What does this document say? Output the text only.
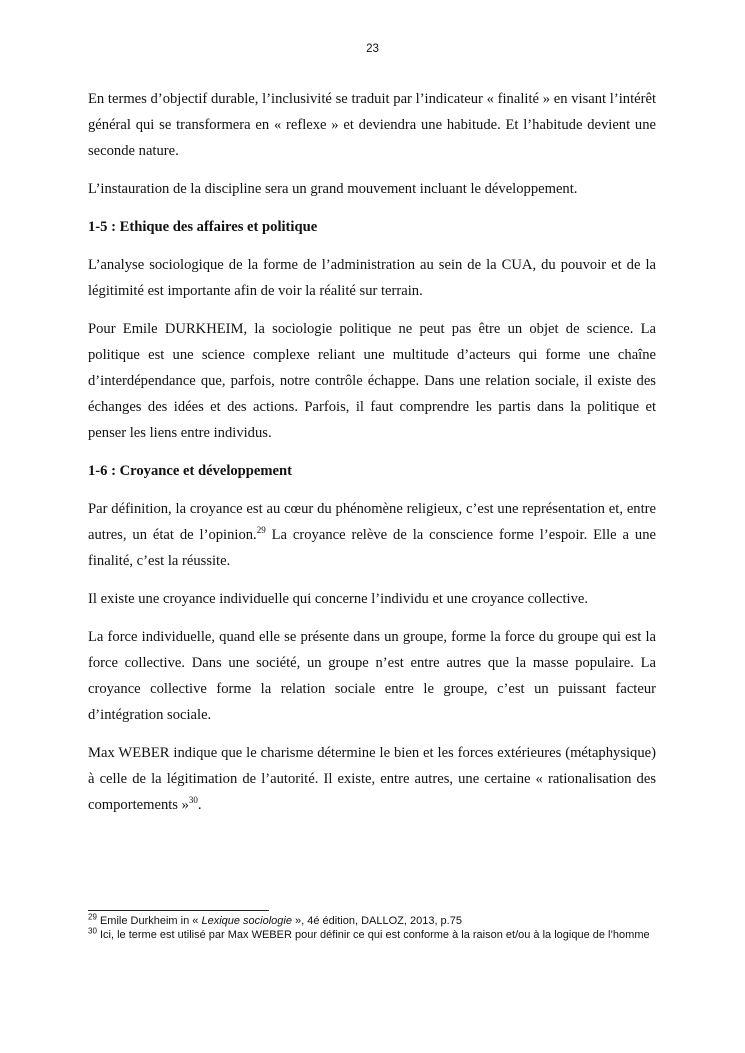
23

En termes d’objectif durable, l’inclusivité se traduit par l’indicateur « finalité » en visant l’intérêt général qui se transformera en « reflexe » et deviendra une habitude. Et l’habitude devient une seconde nature.

L’instauration de la discipline sera un grand mouvement incluant le développement.

1-5 : Ethique des affaires et politique

L’analyse sociologique de la forme de l’administration au sein de la CUA, du pouvoir et de la légitimité est importante afin de voir la réalité sur terrain.

Pour Emile DURKHEIM, la sociologie politique ne peut pas être un objet de science. La politique est une science complexe reliant une multitude d’acteurs qui forme une chaîne d’interdépendance que, parfois, notre contrôle échappe. Dans une relation sociale, il existe des échanges des idées et des actions. Parfois, il faut comprendre les partis dans la politique et penser les liens entre individus.

1-6 : Croyance et développement

Par définition, la croyance est au cœur du phénomène religieux, c’est une représentation et, entre autres, un état de l’opinion.$^{29}$ La croyance relève de la conscience forme l’espoir. Elle a une finalité, c’est la réussite.

Il existe une croyance individuelle qui concerne l’individu et une croyance collective.

La force individuelle, quand elle se présente dans un groupe, forme la force du groupe qui est la force collective. Dans une société, un groupe n’est entre autres que la masse populaire. La croyance collective forme la relation sociale entre le groupe, c’est un puissant facteur d’intégration sociale.

Max WEBER indique que le charisme détermine le bien et les forces extérieures (métaphysique) à celle de la légitimation de l’autorité. Il existe, entre autres, une certaine « rationalisation des comportements »$^{30}$.

$^{29}$ Emile Durkheim in « Lexique sociologie », 4é édition, DALLOZ, 2013, p.75

$^{30}$ Ici, le terme est utilisé par Max WEBER pour définir ce qui est conforme à la raison et/ou à la logique de l’homme
